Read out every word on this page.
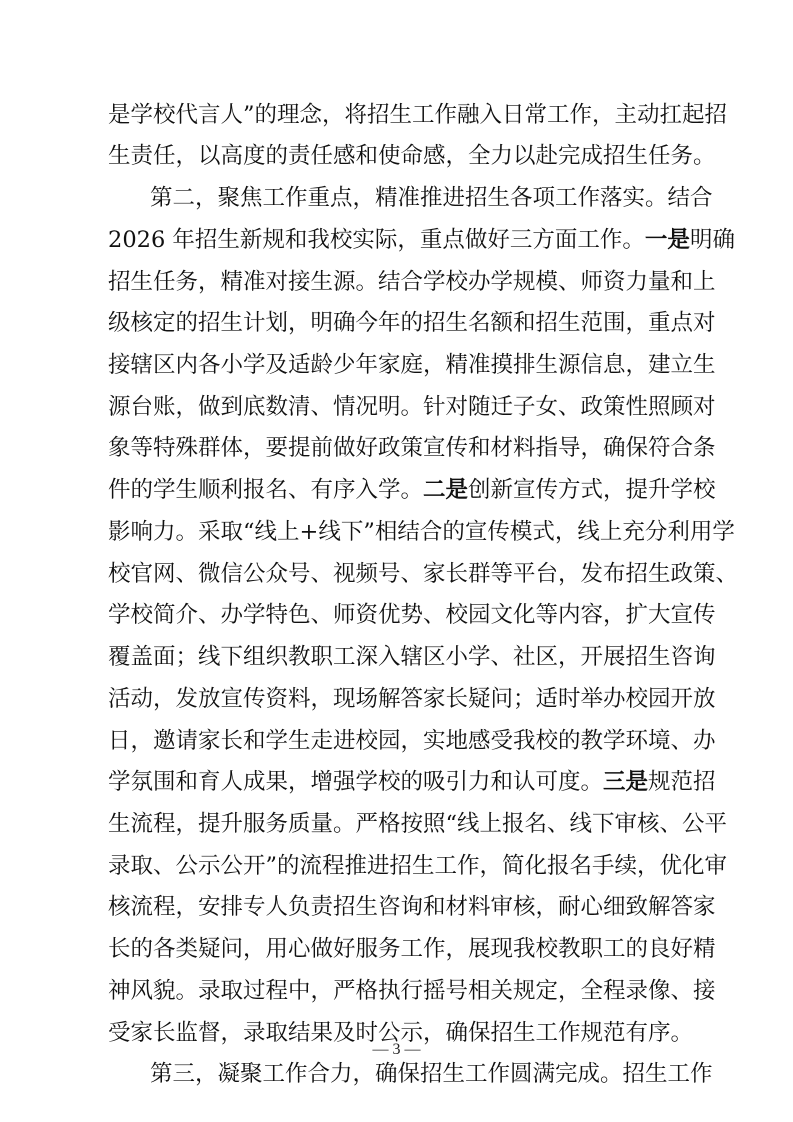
是学校代言人”的理念，将招生工作融入日常工作，主动扛起招
生责任，以高度的责任感和使命感，全力以赴完成招生任务。
第二，聚焦工作重点，精准推进招生各项工作落实。结合
2026 年招生新规和我校实际，重点做好三方面工作。一是明确
招生任务，精准对接生源。结合学校办学规模、师资力量和上
级核定的招生计划，明确今年的招生名额和招生范围，重点对
接辖区内各小学及适龄少年家庭，精准摸排生源信息，建立生
源台账，做到底数清、情况明。针对随迁子女、政策性照顾对
象等特殊群体，要提前做好政策宣传和材料指导，确保符合条
件的学生顺利报名、有序入学。二是创新宣传方式，提升学校
影响力。采取“线上+线下”相结合的宣传模式，线上充分利用学
校官网、微信公众号、视频号、家长群等平台，发布招生政策、
学校简介、办学特色、师资优势、校园文化等内容，扩大宣传
覆盖面；线下组织教职工深入辖区小学、社区，开展招生咨询
活动，发放宣传资料，现场解答家长疑问；适时举办校园开放
日，邀请家长和学生走进校园，实地感受我校的教学环境、办
学氛围和育人成果，增强学校的吸引力和认可度。三是规范招
生流程，提升服务质量。严格按照“线上报名、线下审核、公平
录取、公示公开”的流程推进招生工作，简化报名手续，优化审
核流程，安排专人负责招生咨询和材料审核，耐心细致解答家
长的各类疑问，用心做好服务工作，展现我校教职工的良好精
神风貌。录取过程中，严格执行摇号相关规定，全程录像、接
受家长监督，录取结果及时公示，确保招生工作规范有序。
第三，凝聚工作合力，确保招生工作圆满完成。招生工作
— 3 —
